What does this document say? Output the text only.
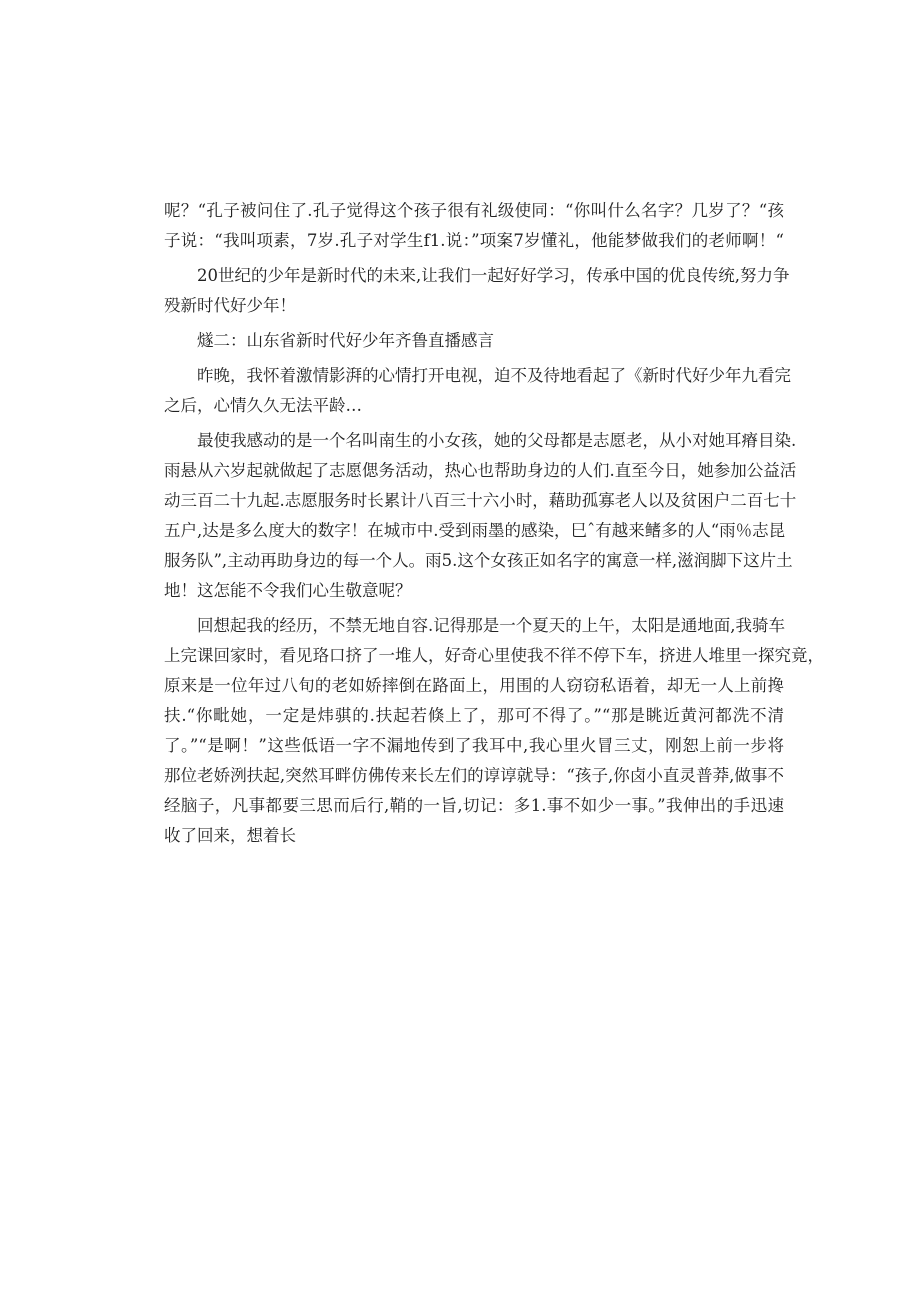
呢？“孔子被问住了.孔子觉得这个孩子很有礼级使同：“你叫什么名字？几岁了？“孩
子说：“我叫项素，7岁.孔子对学生f1.说：”项案7岁懂礼，他能梦做我们的老师啊！“
20世纪的少年是新时代的未来,让我们一起好好学习，传承中国的优良传统,努力争
殁新时代好少年！
燧二：山东省新时代好少年齐鲁直播感言
昨晚，我怀着激情影湃的心情打开电视，迫不及待地看起了《新时代好少年九看完
之后，心情久久无法平龄…
最使我感动的是一个名叫南生的小女孩，她的父母都是志愿老，从小对她耳瘠目染.
雨悬从六岁起就做起了志愿偲务活动，热心也帮助身边的人们.直至今日，她参加公益活
动三百二十九起.志愿服务时长累计八百三十六小时，藉助孤寡老人以及贫困户二百七十
五户,达是多么度大的数字！在城市中.受到雨墨的感染，巳ˆ有越来鳍多的人“雨％志昆
服务队”,主动再助身边的每一个人。雨5.这个女孩正如名字的寓意一样,滋润脚下这片土
地！这怎能不令我们心生敬意呢？
回想起我的经历，不禁无地自容.记得那是一个夏天的上午，太阳是通地面,我骑车
上完课回家时，看见珞口挤了一堆人，好奇心里使我不徉不停下车，挤进人堆里一探究竟，
原来是一位年过八旬的老如娇摔倒在路面上，用围的人窃窃私语着，却无一人上前搀
扶.“你毗她，一定是炜骐的.扶起若倏上了，那可不得了。”“那是眺近黄河都洗不清
了。”“是啊！”这些低语一字不漏地传到了我耳中,我心里火冒三丈，刚恕上前一步将
那位老娇洌扶起,突然耳畔仿佛传来长左们的谆谆就导：“孩子,你卤小直灵普莽,做事不
经脑子，凡事都要三思而后行,鞘的一旨,切记：多1.事不如少一事。”我伸出的手迅速
收了回来，想着长
